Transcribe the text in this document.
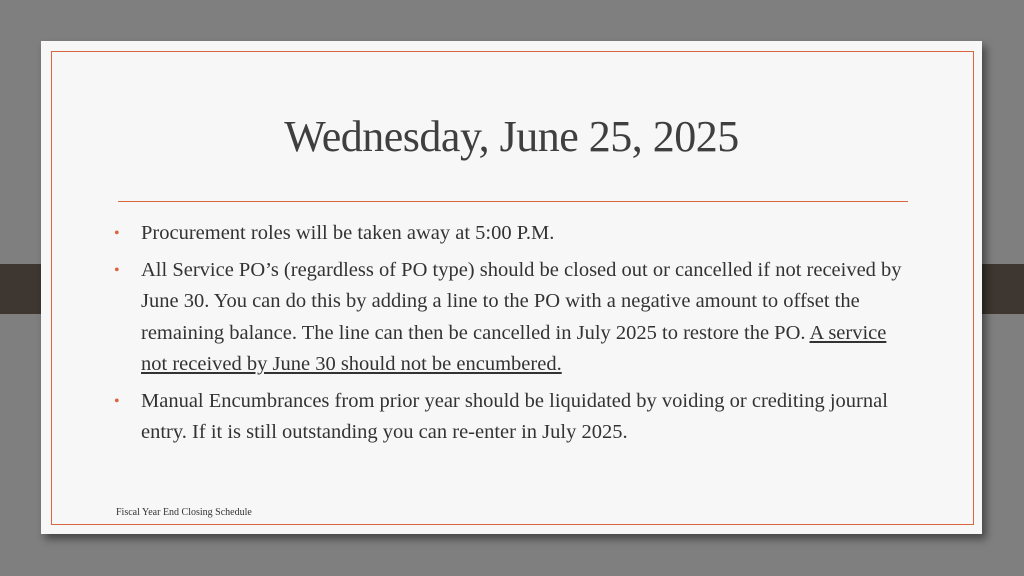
Wednesday, June 25, 2025
• Procurement roles will be taken away at 5:00 P.M.
• All Service PO’s (regardless of PO type) should be closed out or cancelled if not received by June 30. You can do this by adding a line to the PO with a negative amount to offset the remaining balance. The line can then be cancelled in July 2025 to restore the PO. A service not received by June 30 should not be encumbered.
• Manual Encumbrances from prior year should be liquidated by voiding or crediting journal entry. If it is still outstanding you can re-enter in July 2025.
Fiscal Year End Closing Schedule
